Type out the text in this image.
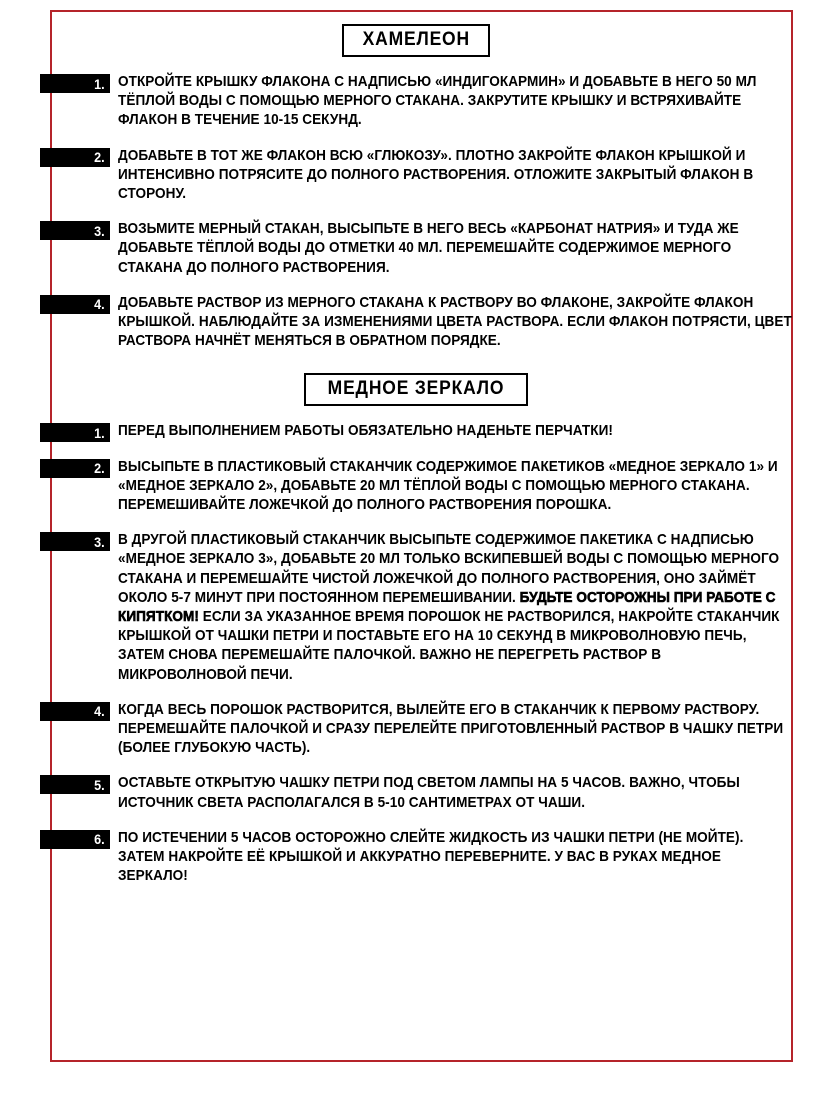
ХАМЕЛЕОН
1. ОТКРОЙТЕ КРЫШКУ ФЛАКОНА С НАДПИСЬЮ «ИНДИГОКАРМИН» И ДОБАВЬТЕ В НЕГО 50 МЛ ТЁПЛОЙ ВОДЫ С ПОМОЩЬЮ МЕРНОГО СТАКАНА. ЗАКРУТИТЕ КРЫШКУ И ВСТРЯХИВАЙТЕ ФЛАКОН В ТЕЧЕНИЕ 10-15 СЕКУНД.
2. ДОБАВЬТЕ В ТОТ ЖЕ ФЛАКОН ВСЮ «ГЛЮКОЗУ». ПЛОТНО ЗАКРОЙТЕ ФЛАКОН КРЫШКОЙ И ИНТЕНСИВНО ПОТРЯСИТЕ ДО ПОЛНОГО РАСТВОРЕНИЯ. ОТЛОЖИТЕ ЗАКРЫТЫЙ ФЛАКОН В СТОРОНУ.
3. ВОЗЬМИТЕ МЕРНЫЙ СТАКАН, ВЫСЫПЬТЕ В НЕГО ВЕСЬ «КАРБОНАТ НАТРИЯ» И ТУДА ЖЕ ДОБАВЬТЕ ТЁПЛОЙ ВОДЫ ДО ОТМЕТКИ 40 МЛ. ПЕРЕМЕШАЙТЕ СОДЕРЖИМОЕ МЕРНОГО СТАКАНА ДО ПОЛНОГО РАСТВОРЕНИЯ.
4. ДОБАВЬТЕ РАСТВОР ИЗ МЕРНОГО СТАКАНА К РАСТВОРУ ВО ФЛАКОНЕ, ЗАКРОЙТЕ ФЛАКОН КРЫШКОЙ. НАБЛЮДАЙТЕ ЗА ИЗМЕНЕНИЯМИ ЦВЕТА РАСТВОРА. ЕСЛИ ФЛАКОН ПОТРЯСТИ, ЦВЕТ РАСТВОРА НАЧНЁТ МЕНЯТЬСЯ В ОБРАТНОМ ПОРЯДКЕ.
МЕДНОЕ ЗЕРКАЛО
1. ПЕРЕД ВЫПОЛНЕНИЕМ РАБОТЫ ОБЯЗАТЕЛЬНО НАДЕНЬТЕ ПЕРЧАТКИ!
2. ВЫСЫПЬТЕ В ПЛАСТИКОВЫЙ СТАКАНЧИК СОДЕРЖИМОЕ ПАКЕТИКОВ «МЕДНОЕ ЗЕРКАЛО 1» И «МЕДНОЕ ЗЕРКАЛО 2», ДОБАВЬТЕ 20 МЛ ТЁПЛОЙ ВОДЫ С ПОМОЩЬЮ МЕРНОГО СТАКАНА. ПЕРЕМЕШИВАЙТЕ ЛОЖЕЧКОЙ ДО ПОЛНОГО РАСТВОРЕНИЯ ПОРОШКА.
3. В ДРУГОЙ ПЛАСТИКОВЫЙ СТАКАНЧИК ВЫСЫПЬТЕ СОДЕРЖИМОЕ ПАКЕТИКА С НАДПИСЬЮ «МЕДНОЕ ЗЕРКАЛО 3», ДОБАВЬТЕ 20 МЛ ТОЛЬКО ВСКИПЕВШЕЙ ВОДЫ С ПОМОЩЬЮ МЕРНОГО СТАКАНА И ПЕРЕМЕШАЙТЕ ЧИСТОЙ ЛОЖЕЧКОЙ ДО ПОЛНОГО РАСТВОРЕНИЯ, ОНО ЗАЙМЁТ ОКОЛО 5-7 МИНУТ ПРИ ПОСТОЯННОМ ПЕРЕМЕШИВАНИИ. БУДЬТЕ ОСТОРОЖНЫ ПРИ РАБОТЕ С КИПЯТКОМ! ЕСЛИ ЗА УКАЗАННОЕ ВРЕМЯ ПОРОШОК НЕ РАСТВОРИЛСЯ, НАКРОЙТЕ СТАКАНЧИК КРЫШКОЙ ОТ ЧАШКИ ПЕТРИ И ПОСТАВЬТЕ ЕГО НА 10 СЕКУНД В МИКРОВОЛНОВУЮ ПЕЧЬ, ЗАТЕМ СНОВА ПЕРЕМЕШАЙТЕ ПАЛОЧКОЙ. ВАЖНО НЕ ПЕРЕГРЕТЬ РАСТВОР В МИКРОВОЛНОВОЙ ПЕЧИ.
4. КОГДА ВЕСЬ ПОРОШОК РАСТВОРИТСЯ, ВЫЛЕЙТЕ ЕГО В СТАКАНЧИК К ПЕРВОМУ РАСТВОРУ. ПЕРЕМЕШАЙТЕ ПАЛОЧКОЙ И СРАЗУ ПЕРЕЛЕЙТЕ ПРИГОТОВЛЕННЫЙ РАСТВОР В ЧАШКУ ПЕТРИ (БОЛЕЕ ГЛУБОКУЮ ЧАСТЬ).
5. ОСТАВЬТЕ ОТКРЫТУЮ ЧАШКУ ПЕТРИ ПОД СВЕТОМ ЛАМПЫ НА 5 ЧАСОВ. ВАЖНО, ЧТОБЫ ИСТОЧНИК СВЕТА РАСПОЛАГАЛСЯ В 5-10 САНТИМЕТРАХ ОТ ЧАШИ.
6. ПО ИСТЕЧЕНИИ 5 ЧАСОВ ОСТОРОЖНО СЛЕЙТЕ ЖИДКОСТЬ ИЗ ЧАШКИ ПЕТРИ (НЕ МОЙТЕ). ЗАТЕМ НАКРОЙТЕ ЕЁ КРЫШКОЙ И АККУРАТНО ПЕРЕВЕРНИТЕ. У ВАС В РУКАХ МЕДНОЕ ЗЕРКАЛО!
